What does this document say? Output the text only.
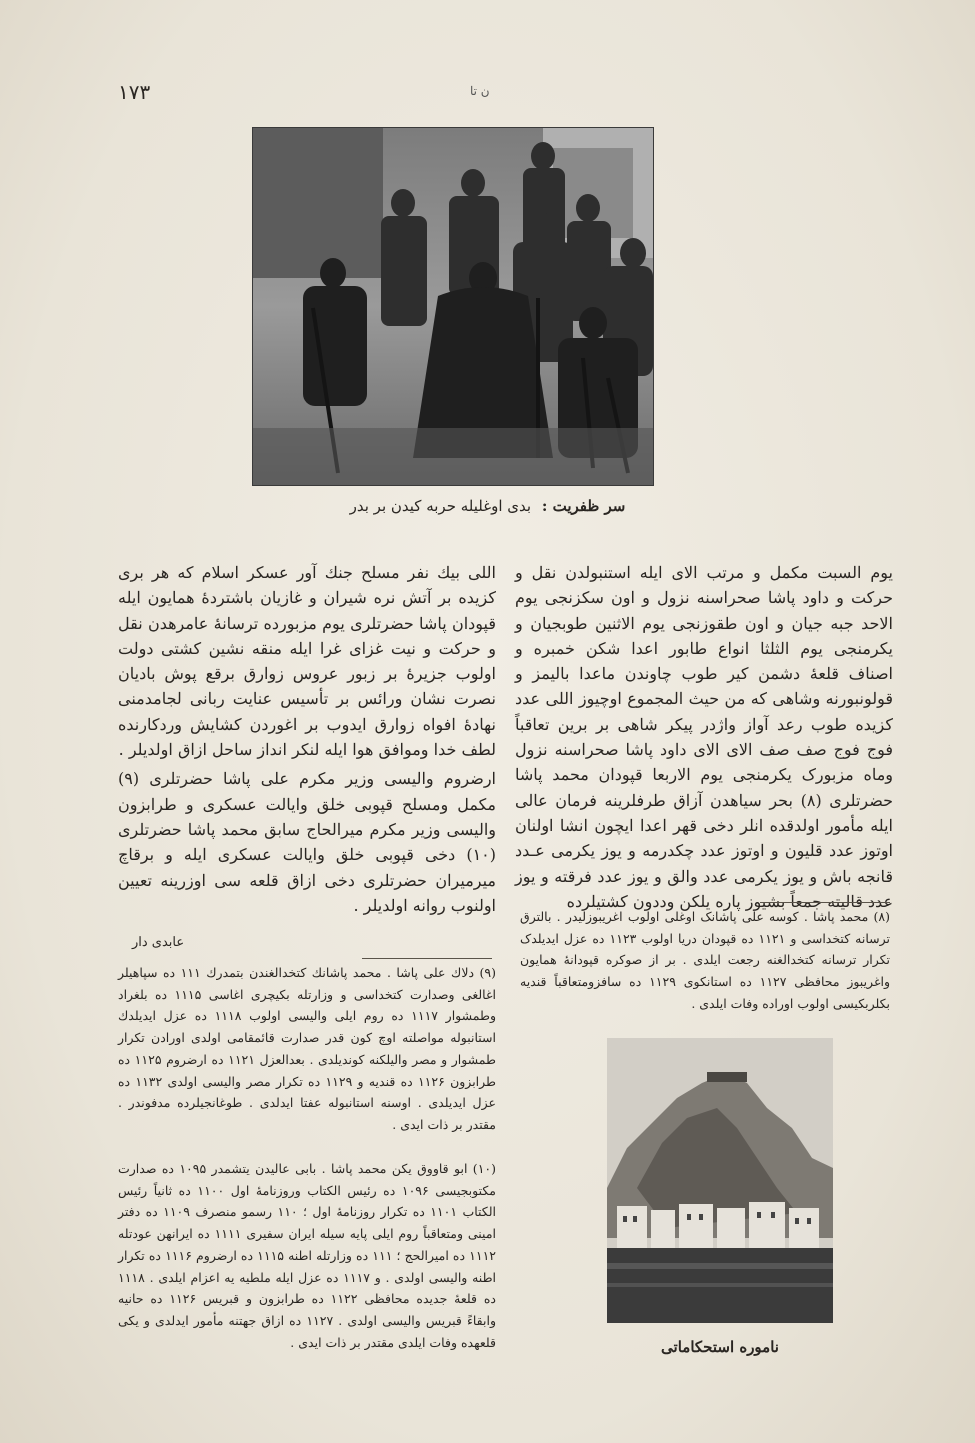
۱۷۳	ن تا
سر ظفریت : بدی اوغلیله حربه کیدن بر بدر

یوم السبت مکمل و مرتب الای ایله استنبولدن نقل و حرکت و داود پاشا صحراسنه نزول و اون سکزنجی یوم الاحد جبه جیان و اون طقوزنجی یوم الاثنین طوبجیان و یکرمنجی یوم الثلثا انواع طابور اعدا شکن خمبره و اصناف قلعهٔ دشمن کیر طوب چاوندن ماعدا بالیمز و قولونبورنه وشاهی که من حیث المجموع اوچیوز اللی عدد کزیده طوب رعد آواز واژدر پیکر شاهی بر برین تعاقباً فوج فوج صف صف الای الای داود پاشا صحراسنه نزول وماه مزبورک یکرمنجی یوم الاربعا قپودان محمد پاشا حضرتلری (۸) بحر سیاهدن آزاق طرفلرینه فرمان عالی ایله مأمور اولدقده انلر دخی قهر اعدا ایچون انشا اولنان اوتوز عدد قلیون و اوتوز عدد چکدرمه و یوز یکرمی عـدد قانجه باش و یوز یکرمی عدد والق و یوز عدد فرقته و یوز عدد قالیته جمعاً بشیوز پاره یلکن وددون کشتیلرده

اللی بیك نفر مسلح جنك آور عسکر اسلام که هر بری کزیده بر آتش نره شیران و غازیان باشتردهٔ همایون ایله قپودان پاشا حضرتلری یوم مزبورده ترسانهٔ عامرهدن نقل و حرکت و نیت غزای غرا ایله منقه نشین کشتی دولت اولوب جزیرهٔ بر زبور عروس زوارق برقع پوش بادیان نصرت نشان ورائس بر تأسیس عنایت ربانی لجامدمنی نهادهٔ افواه زوارق ایدوب بر اغوردن کشایش وردکارنده لطف خدا وموافق هوا ایله لنکر انداز ساحل ازاق اولدیلر .

ارضروم والیسی وزیر مکرم علی پاشا حضرتلری (۹) مکمل ومسلح قپوبی خلق وایالت عسکری و طرابزون والیسی وزیر مکرم میرالحاج سابق محمد پاشا حضرتلری (۱۰) دخی قپوبی خلق وایالت عسکری ایله و برقاچ میرمیران حضرتلری دخی ازاق قلعه سی اوزرینه تعیین اولنوب روانه اولدیلر .

عابدی دار
(۸) محمد پاشا . کوسه علی پاشانک اوغلی اولوب اغریبوزلیدر . بالترق ترسانه کتخداسی و ۱۱۲۱ ده قپودان دریا اولوب ۱۱۲۳ ده عزل ایدیلدک تکرار ترسانه کتخدالغنه رجعت ایلدی . بر از صوکره قپودانهٔ همایون واغریبوز محافظی ۱۱۲۷ ده استانکوی ۱۱۲۹ ده سافزومتعاقباً قندیه بکلربکیسی اولوب اوراده وفات ایلدی .
(۹) دلاك علی پاشا . محمد پاشانك کتخدالغندن بتمدرك ۱۱۱ ده سپاهیلر اغالغی وصدارت کتخداسی و وزارتله بکیچری اغاسی ۱۱۱۵ ده بلغراد وطمشوار ۱۱۱۷ ده روم ایلی والیسی اولوب ۱۱۱۸ ده عزل ایدیلدك استانبوله مواصلته اوچ کون قدر صدارت قائمقامی اولدی اورادن تکرار طمشوار و مصر والیلکنه کوندیلدی . بعدالعزل ۱۱۲۱ ده ارضروم ۱۱۲۵ ده طرابزون ۱۱۲۶ ده قندیه و ۱۱۲۹ ده تکرار مصر والیسی اولدی ۱۱۳۲ ده عزل ایدیلدی . اوسنه استانبوله عفتا ایدلدی . طوغانجیلرده مدفوندر . مقتدر بر ذات ایدی .
(۱۰) ابو قاووق یکن محمد پاشا . بابی عالیدن یتشمدر ۱۰۹۵ ده صدارت مکتوبجیسی ۱۰۹۶ ده رئیس الکتاب وروزنامهٔ اول ۱۱۰۰ ده ثانیاً رئیس الکتاب ۱۱۰۱ ده تکرار روزنامهٔ اول ؛ ۱۱۰ رسمو منصرف ۱۱۰۹ ده دفتر امینی ومتعاقباً روم ایلی پایه سیله ایران سفیری ۱۱۱۱ ده ایرانهن عودتله ۱۱۱۲ ده امیرالحج ؛ ۱۱۱ ده وزارتله اطنه ۱۱۱۵ ده ارضروم ۱۱۱۶ ده تکرار اطنه والیسی اولدی . و ۱۱۱۷ ده عزل ایله ملطیه یه اعزام ایلدی . ۱۱۱۸ ده قلعهٔ جدیده محافظی ۱۱۲۲ ده طرابزون و قبریس ۱۱۲۶ ده حانیه وابقاءً قبریس والیسی اولدی . ۱۱۲۷ ده ازاق جهتنه مأمور ایدلدی و یکی قلعهده وفات ایلدی مقتدر بر ذات ایدی .	ناموره استحکاماتی
